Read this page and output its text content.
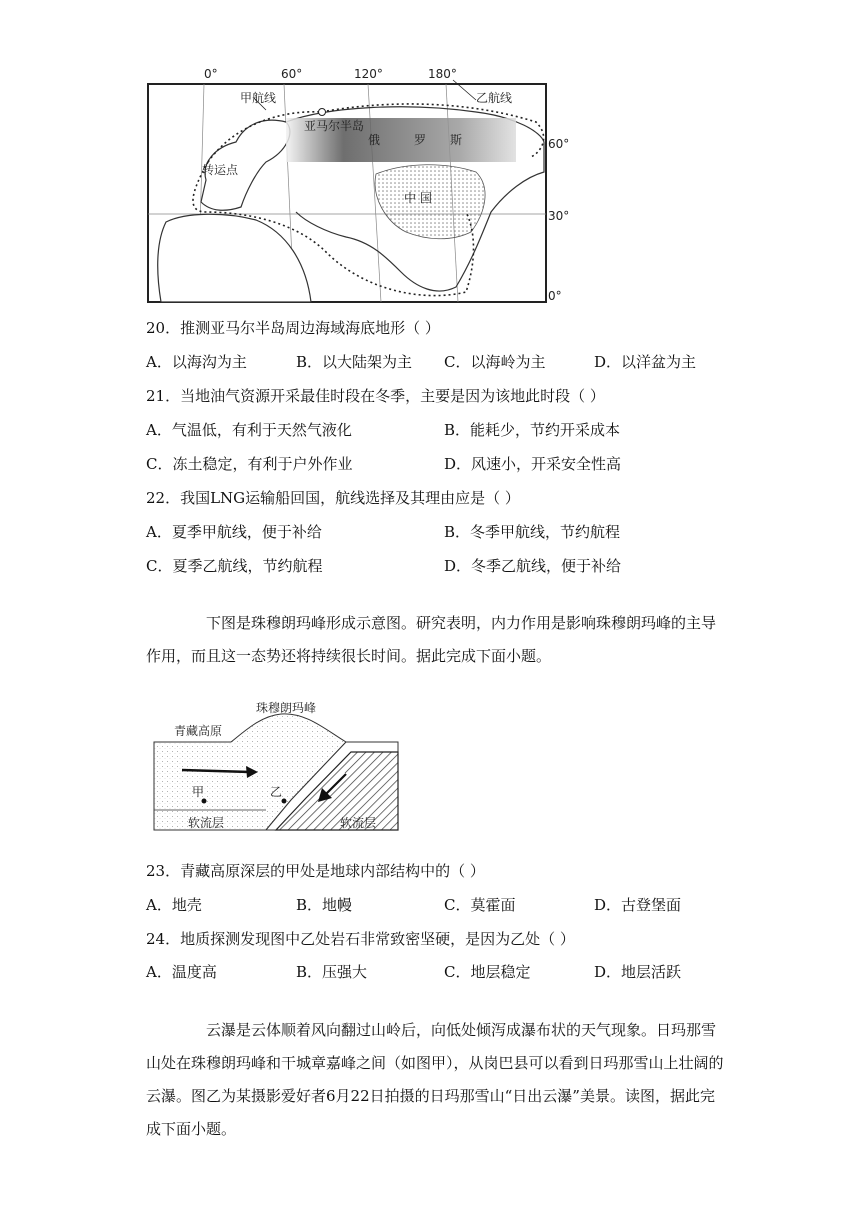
0°	60°	120°	180°
60°
30°
0°
甲航线	乙航线
亚马尔半岛
俄	罗 斯
转运点
中 国
20．推测亚马尔半岛周边海域海底地形（ ）
A．以海沟为主	B．以大陆架为主 C．以海岭为主	D．以洋盆为主
21．当地油气资源开采最佳时段在冬季，主要是因为该地此时段（ ）
A．气温低，有利于天然气液化	B．能耗少，节约开采成本
C．冻土稳定，有利于户外作业	D．风速小，开采安全性高
22．我国LNG运输船回国，航线选择及其理由应是（ ）
A．夏季甲航线，便于补给	B．冬季甲航线，节约航程
C．夏季乙航线，节约航程	D．冬季乙航线，便于补给
下图是珠穆朗玛峰形成示意图。研究表明，内力作用是影响珠穆朗玛峰的主导作用，而且这一态势还将持续很长时间。据此完成下面小题。
珠穆朗玛峰
青藏高原
甲	乙
软流层	软流层
23．青藏高原深层的甲处是地球内部结构中的（ ）
A．地壳	B．地幔	C．莫霍面	D．古登堡面
24．地质探测发现图中乙处岩石非常致密坚硬，是因为乙处（ ）
A．温度高	B．压强大	C．地层稳定	D．地层活跃
云瀑是云体顺着风向翻过山岭后，向低处倾泻成瀑布状的天气现象。日玛那雪山处在珠穆朗玛峰和干城章嘉峰之间（如图甲），从岗巴县可以看到日玛那雪山上壮阔的云瀑。图乙为某摄影爱好者6月22日拍摄的日玛那雪山“日出云瀑”美景。读图，据此完成下面小题。
